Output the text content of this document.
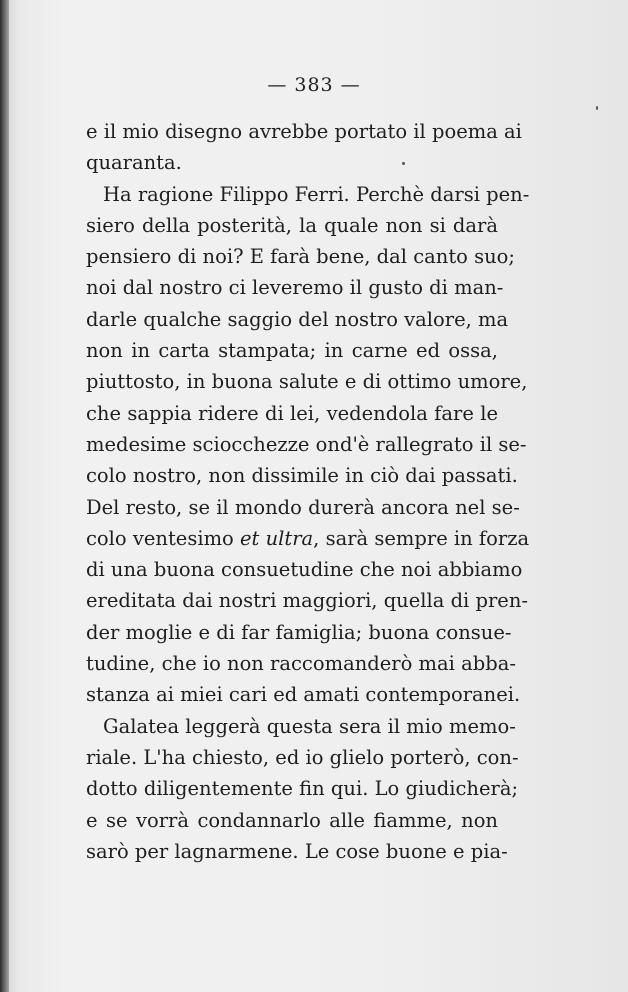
— 383 —
e il mio disegno avrebbe portato il poema ai
quaranta.
Ha ragione Filippo Ferri. Perchè darsi pen-
siero della posterità, la quale non si darà
pensiero di noi? E farà bene, dal canto suo;
noi dal nostro ci leveremo il gusto di man-
darle qualche saggio del nostro valore, ma
non in carta stampata; in carne ed ossa,
piuttosto, in buona salute e di ottimo umore,
che sappia ridere di lei, vedendola fare le
medesime sciocchezze ond'è rallegrato il se-
colo nostro, non dissimile in ciò dai passati.
Del resto, se il mondo durerà ancora nel se-
colo ventesimo et ultra, sarà sempre in forza
di una buona consuetudine che noi abbiamo
ereditata dai nostri maggiori, quella di pren-
der moglie e di far famiglia; buona consue-
tudine, che io non raccomanderò mai abba-
stanza ai miei cari ed amati contemporanei.
Galatea leggerà questa sera il mio memo-
riale. L'ha chiesto, ed io glielo porterò, con-
dotto diligentemente fin qui. Lo giudicherà;
e se vorrà condannarlo alle fiamme, non
sarò per lagnarmene. Le cose buone e pia-
